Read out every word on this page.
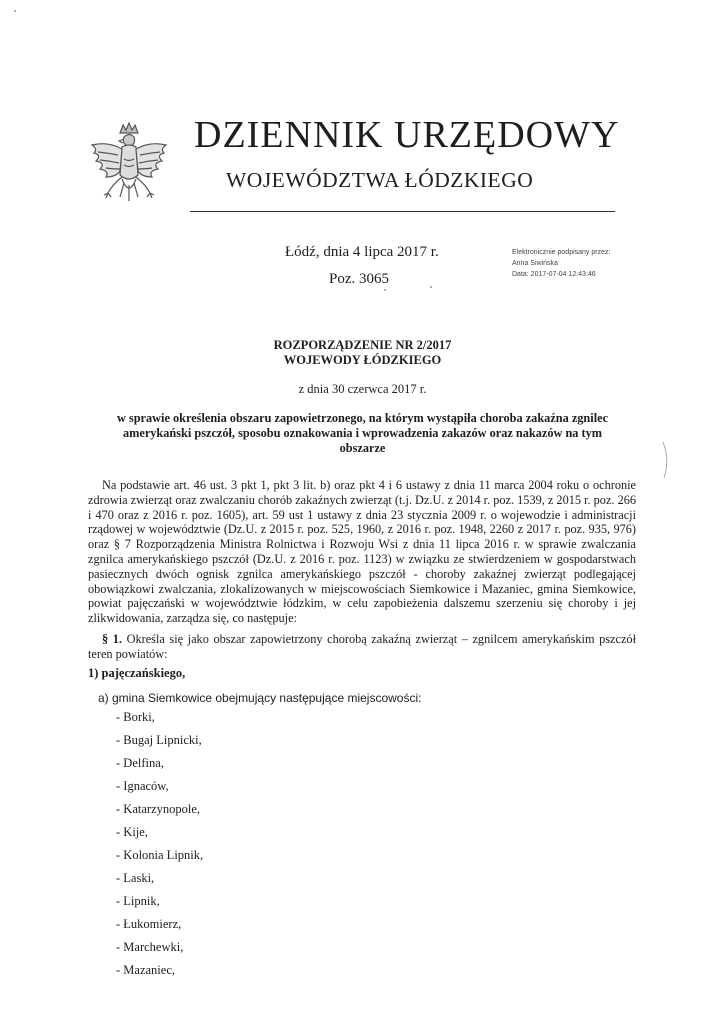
DZIENNIK URZĘDOWY
WOJEWÓDZTWA ŁÓDZKIEGO
Łódź, dnia 4 lipca 2017 r.
Poz. 3065
Elektronicznie podpisany przez:
Anna Siwińska
Data: 2017-07-04 12:43:46
ROZPORZĄDZENIE NR 2/2017
WOJEWODY ŁÓDZKIEGO
z dnia 30 czerwca 2017 r.
w sprawie określenia obszaru zapowietrzonego, na którym wystąpiła choroba zakaźna zgnilec amerykański pszczół, sposobu oznakowania i wprowadzenia zakazów oraz nakazów na tym obszarze
Na podstawie art. 46 ust. 3 pkt 1, pkt 3 lit. b) oraz pkt 4 i 6 ustawy z dnia 11 marca 2004 roku o ochronie zdrowia zwierząt oraz zwalczaniu chorób zakaźnych zwierząt (t.j. Dz.U. z 2014 r. poz. 1539, z 2015 r. poz. 266 i 470 oraz z 2016 r. poz. 1605), art. 59 ust 1 ustawy z dnia 23 stycznia 2009 r. o wojewodzie i administracji rządowej w województwie (Dz.U. z 2015 r. poz. 525, 1960, z 2016 r. poz. 1948, 2260 z 2017 r. poz. 935, 976) oraz § 7 Rozporządzenia Ministra Rolnictwa i Rozwoju Wsi z dnia 11 lipca 2016 r. w sprawie zwalczania zgnilca amerykańskiego pszczół (Dz.U. z 2016 r. poz. 1123) w związku ze stwierdzeniem w gospodarstwach pasiecznych dwóch ognisk zgnilca amerykańskiego pszczół - choroby zakaźnej zwierząt podlegającej obowiązkowi zwalczania, zlokalizowanych w miejscowościach Siemkowice i Mazaniec, gmina Siemkowice, powiat pajęczański w województwie łódzkim, w celu zapobieżenia dalszemu szerzeniu się choroby i jej zlikwidowania, zarządza się, co następuje:
§ 1. Określa się jako obszar zapowietrzony chorobą zakaźną zwierząt – zgnilcem amerykańskim pszczół teren powiatów:
1) pajęczańskiego,
a) gmina Siemkowice obejmujący następujące miejscowości:
- Borki,
- Bugaj Lipnicki,
- Delfina,
- Ignaców,
- Katarzynopole,
- Kije,
- Kolonia Lipnik,
- Laski,
- Lipnik,
- Łukomierz,
- Marchewki,
- Mazaniec,
